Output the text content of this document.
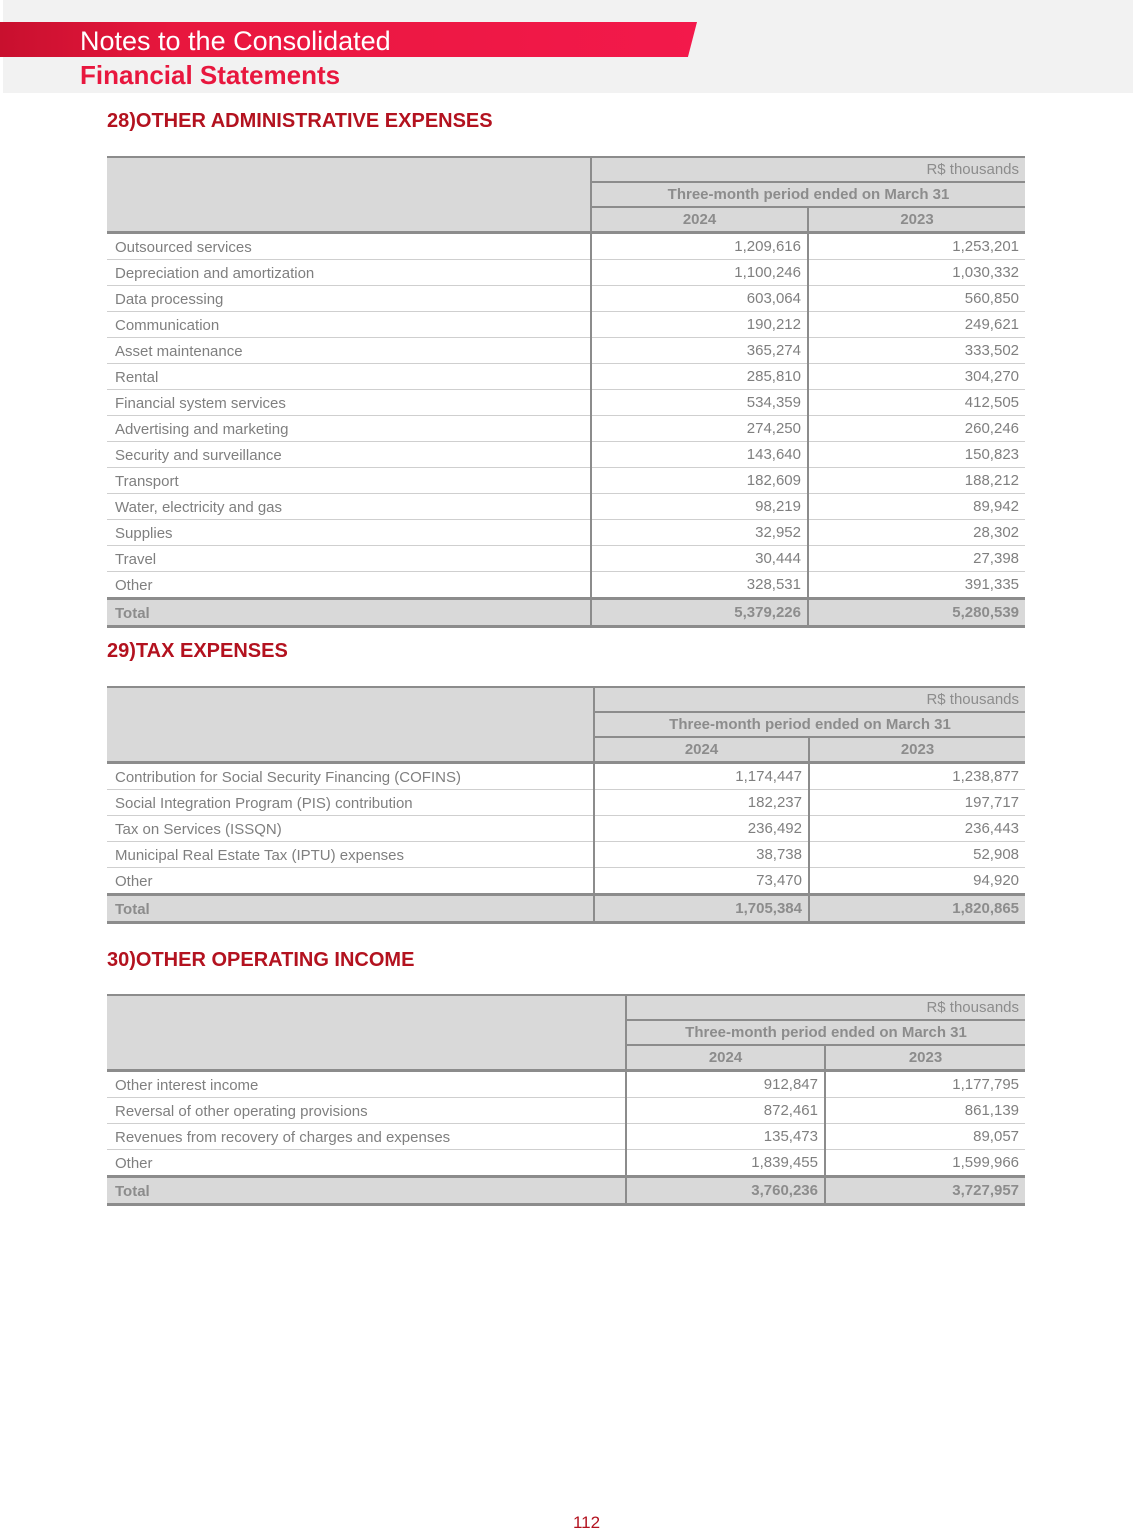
Notes to the Consolidated
Financial Statements
28)OTHER ADMINISTRATIVE EXPENSES
	R$ thousands	
	Three-month period ended on March 31	
	2024	2023
Outsourced services	1,209,616	1,253,201
Depreciation and amortization	1,100,246	1,030,332
Data processing	603,064	560,850
Communication	190,212	249,621
Asset maintenance	365,274	333,502
Rental	285,810	304,270
Financial system services	534,359	412,505
Advertising and marketing	274,250	260,246
Security and surveillance	143,640	150,823
Transport	182,609	188,212
Water, electricity and gas	98,219	89,942
Supplies	32,952	28,302
Travel	30,444	27,398
Other	328,531	391,335
Total	5,379,226	5,280,539
29)TAX EXPENSES
	R$ thousands	
	Three-month period ended on March 31	
	2024	2023
Contribution for Social Security Financing (COFINS)	1,174,447	1,238,877
Social Integration Program (PIS) contribution	182,237	197,717
Tax on Services (ISSQN)	236,492	236,443
Municipal Real Estate Tax (IPTU) expenses	38,738	52,908
Other	73,470	94,920
Total	1,705,384	1,820,865
30)OTHER OPERATING INCOME
	R$ thousands	
	Three-month period ended on March 31	
	2024	2023
Other interest income	912,847	1,177,795
Reversal of other operating provisions	872,461	861,139
Revenues from recovery of charges and expenses	135,473	89,057
Other	1,839,455	1,599,966
Total	3,760,236	3,727,957
112
